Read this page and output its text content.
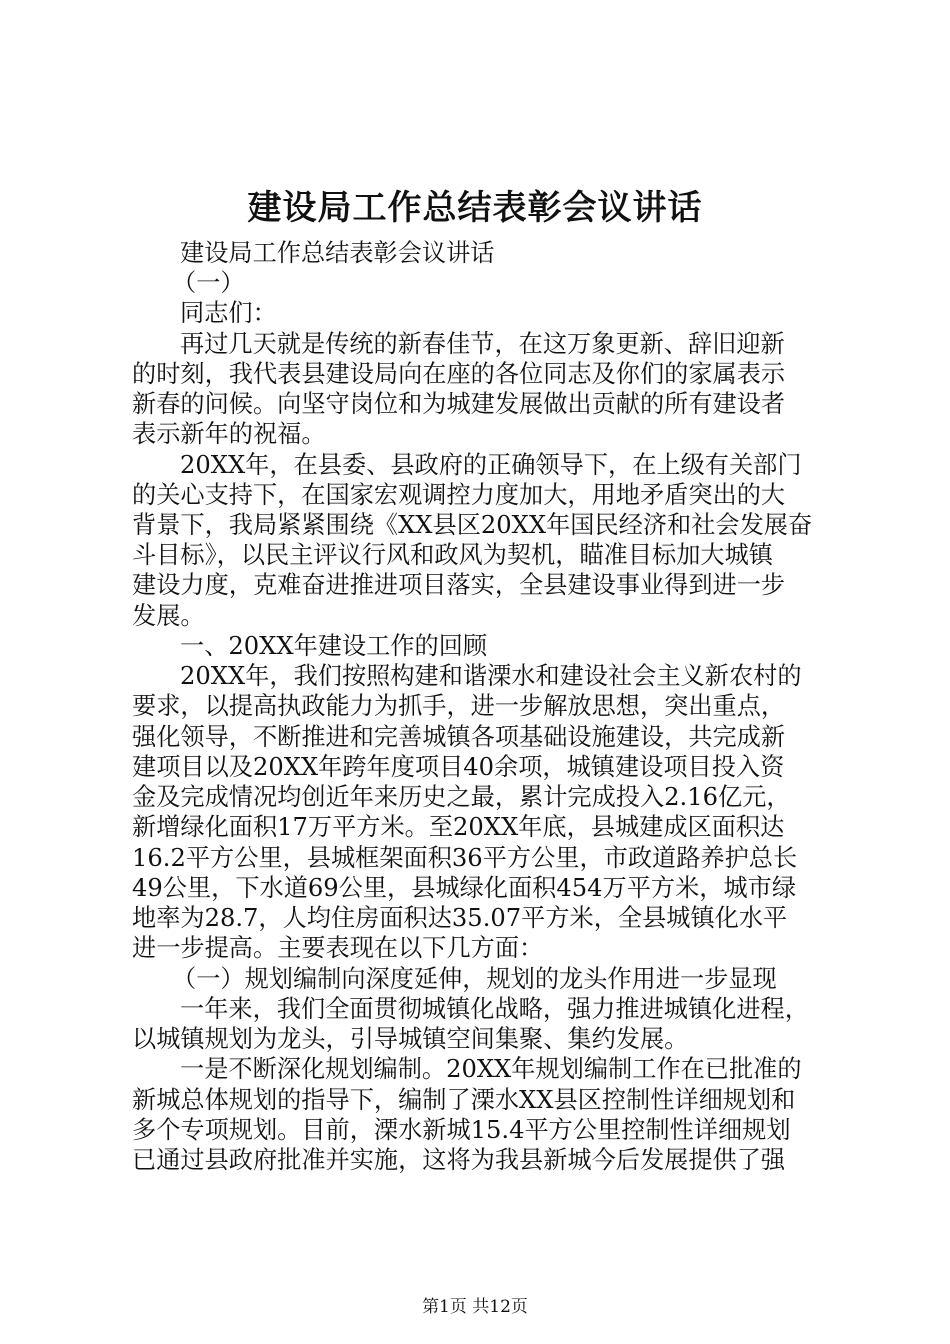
建设局工作总结表彰会议讲话

建设局工作总结表彰会议讲话

（一）

同志们：

再过几天就是传统的新春佳节，在这万象更新、辞旧迎新

的时刻，我代表县建设局向在座的各位同志及你们的家属表示

新春的问候。向坚守岗位和为城建发展做出贡献的所有建设者

表示新年的祝福。

20XX年，在县委、县政府的正确领导下，在上级有关部门

的关心支持下，在国家宏观调控力度加大，用地矛盾突出的大

背景下，我局紧紧围绕《XX县区20XX年国民经济和社会发展奋

斗目标》，以民主评议行风和政风为契机，瞄准目标加大城镇

建设力度，克难奋进推进项目落实，全县建设事业得到进一步

发展。

一、20XX年建设工作的回顾

20XX年，我们按照构建和谐溧水和建设社会主义新农村的

要求，以提高执政能力为抓手，进一步解放思想，突出重点，

强化领导，不断推进和完善城镇各项基础设施建设，共完成新

建项目以及20XX年跨年度项目40余项，城镇建设项目投入资

金及完成情况均创近年来历史之最，累计完成投入2.16亿元，

新增绿化面积17万平方米。至20XX年底，县城建成区面积达

16.2平方公里，县城框架面积36平方公里，市政道路养护总长

49公里，下水道69公里，县城绿化面积454万平方米，城市绿

地率为28.7，人均住房面积达35.07平方米，全县城镇化水平

进一步提高。主要表现在以下几方面：

（一）规划编制向深度延伸，规划的龙头作用进一步显现

一年来，我们全面贯彻城镇化战略，强力推进城镇化进程，

以城镇规划为龙头，引导城镇空间集聚、集约发展。

一是不断深化规划编制。20XX年规划编制工作在已批准的

新城总体规划的指导下，编制了溧水XX县区控制性详细规划和

多个专项规划。目前，溧水新城15.4平方公里控制性详细规划

已通过县政府批准并实施，这将为我县新城今后发展提供了强

第1页 共12页
